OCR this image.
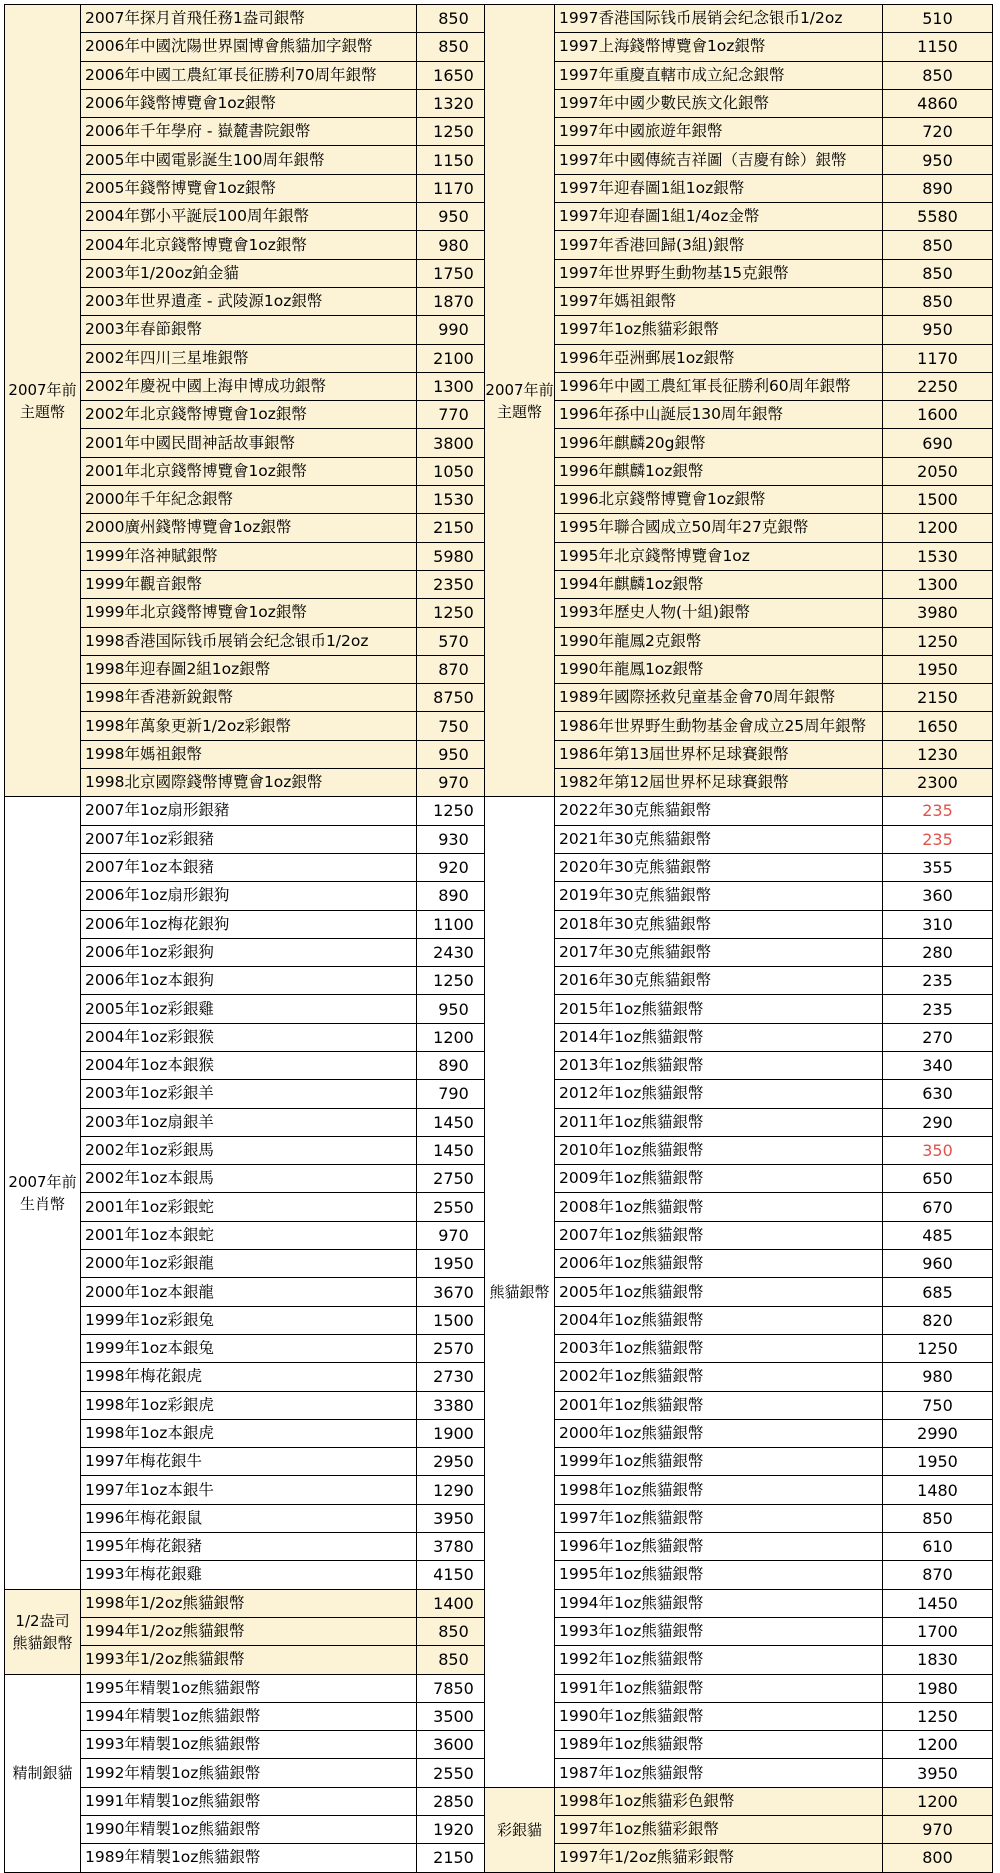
2007年前
主題幣	2007年探月首飛任務1盎司銀幣	850
	2006年中國沈陽世界園博會熊貓加字銀幣	850
	2006年中國工農紅軍長征勝利70周年銀幣	1650
	2006年錢幣博覽會1oz銀幣	1320
	2006年千年學府 - 嶽麓書院銀幣	1250
	2005年中國電影誕生100周年銀幣	1150
	2005年錢幣博覽會1oz銀幣	1170
	2004年鄧小平誕辰100周年銀幣	950
	2004年北京錢幣博覽會1oz銀幣	980
	2003年1/20oz鉑金貓	1750
	2003年世界遺產 - 武陵源1oz銀幣	1870
	2003年春節銀幣	990
	2002年四川三星堆銀幣	2100
	2002年慶祝中國上海申博成功銀幣	1300
	2002年北京錢幣博覽會1oz銀幣	770
	2001年中國民間神話故事銀幣	3800
	2001年北京錢幣博覽會1oz銀幣	1050
	2000年千年紀念銀幣	1530
	2000廣州錢幣博覽會1oz銀幣	2150
	1999年洛神賦銀幣	5980
	1999年觀音銀幣	2350
	1999年北京錢幣博覽會1oz銀幣	1250
	1998香港国际钱币展销会纪念银币1/2oz	570
	1998年迎春圖2組1oz銀幣	870
	1998年香港新銳銀幣	8750
	1998年萬象更新1/2oz彩銀幣	750
	1998年媽祖銀幣	950
	1998北京國際錢幣博覽會1oz銀幣	970
2007年前
生肖幣	2007年1oz扇形銀豬	1250
	2007年1oz彩銀豬	930
	2007年1oz本銀豬	920
	2006年1oz扇形銀狗	890
	2006年1oz梅花銀狗	1100
	2006年1oz彩銀狗	2430
	2006年1oz本銀狗	1250
	2005年1oz彩銀雞	950
	2004年1oz彩銀猴	1200
	2004年1oz本銀猴	890
	2003年1oz彩銀羊	790
	2003年1oz扇銀羊	1450
	2002年1oz彩銀馬	1450
	2002年1oz本銀馬	2750
	2001年1oz彩銀蛇	2550
	2001年1oz本銀蛇	970
	2000年1oz彩銀龍	1950
	2000年1oz本銀龍	3670
	1999年1oz彩銀兔	1500
	1999年1oz本銀兔	2570
	1998年梅花銀虎	2730
	1998年1oz彩銀虎	3380
	1998年1oz本銀虎	1900
	1997年梅花銀牛	2950
	1997年1oz本銀牛	1290
	1996年梅花銀鼠	3950
	1995年梅花銀豬	3780
	1993年梅花銀雞	4150
1/2盎司
熊貓銀幣	1998年1/2oz熊貓銀幣	1400
	1994年1/2oz熊貓銀幣	850
	1993年1/2oz熊貓銀幣	850
精制銀貓	1995年精製1oz熊貓銀幣	7850
	1994年精製1oz熊貓銀幣	3500
	1993年精製1oz熊貓銀幣	3600
	1992年精製1oz熊貓銀幣	2550
	1991年精製1oz熊貓銀幣	2850
	1990年精製1oz熊貓銀幣	1920
	1989年精製1oz熊貓銀幣	2150
2007年前
主題幣	1997香港国际钱币展销会纪念银币1/2oz	510
	1997上海錢幣博覽會1oz銀幣	1150
	1997年重慶直轄市成立紀念銀幣	850
	1997年中國少數民族文化銀幣	4860
	1997年中國旅遊年銀幣	720
	1997年中國傳統吉祥圖（吉慶有餘）銀幣	950
	1997年迎春圖1組1oz銀幣	890
	1997年迎春圖1組1/4oz金幣	5580
	1997年香港回歸(3組)銀幣	850
	1997年世界野生動物基15克銀幣	850
	1997年媽祖銀幣	850
	1997年1oz熊貓彩銀幣	950
	1996年亞洲郵展1oz銀幣	1170
	1996年中國工農紅軍長征勝利60周年銀幣	2250
	1996年孫中山誕辰130周年銀幣	1600
	1996年麒麟20g銀幣	690
	1996年麒麟1oz銀幣	2050
	1996北京錢幣博覽會1oz銀幣	1500
	1995年聯合國成立50周年27克銀幣	1200
	1995年北京錢幣博覽會1oz	1530
	1994年麒麟1oz銀幣	1300
	1993年歷史人物(十組)銀幣	3980
	1990年龍鳳2克銀幣	1250
	1990年龍鳳1oz銀幣	1950
	1989年國際拯救兒童基金會70周年銀幣	2150
	1986年世界野生動物基金會成立25周年銀幣	1650
	1986年第13屆世界杯足球賽銀幣	1230
	1982年第12屆世界杯足球賽銀幣	2300
熊貓銀幣	2022年30克熊貓銀幣	235
	2021年30克熊貓銀幣	235
	2020年30克熊貓銀幣	355
	2019年30克熊貓銀幣	360
	2018年30克熊貓銀幣	310
	2017年30克熊貓銀幣	280
	2016年30克熊貓銀幣	235
	2015年1oz熊貓銀幣	235
	2014年1oz熊貓銀幣	270
	2013年1oz熊貓銀幣	340
	2012年1oz熊貓銀幣	630
	2011年1oz熊貓銀幣	290
	2010年1oz熊貓銀幣	350
	2009年1oz熊貓銀幣	650
	2008年1oz熊貓銀幣	670
	2007年1oz熊貓銀幣	485
	2006年1oz熊貓銀幣	960
	2005年1oz熊貓銀幣	685
	2004年1oz熊貓銀幣	820
	2003年1oz熊貓銀幣	1250
	2002年1oz熊貓銀幣	980
	2001年1oz熊貓銀幣	750
	2000年1oz熊貓銀幣	2990
	1999年1oz熊貓銀幣	1950
	1998年1oz熊貓銀幣	1480
	1997年1oz熊貓銀幣	850
	1996年1oz熊貓銀幣	610
	1995年1oz熊貓銀幣	870
	1994年1oz熊貓銀幣	1450
	1993年1oz熊貓銀幣	1700
	1992年1oz熊貓銀幣	1830
	1991年1oz熊貓銀幣	1980
	1990年1oz熊貓銀幣	1250
	1989年1oz熊貓銀幣	1200
	1987年1oz熊貓銀幣	3950
彩銀貓	1998年1oz熊貓彩色銀幣	1200
	1997年1oz熊貓彩銀幣	970
	1997年1/2oz熊貓彩銀幣	800
